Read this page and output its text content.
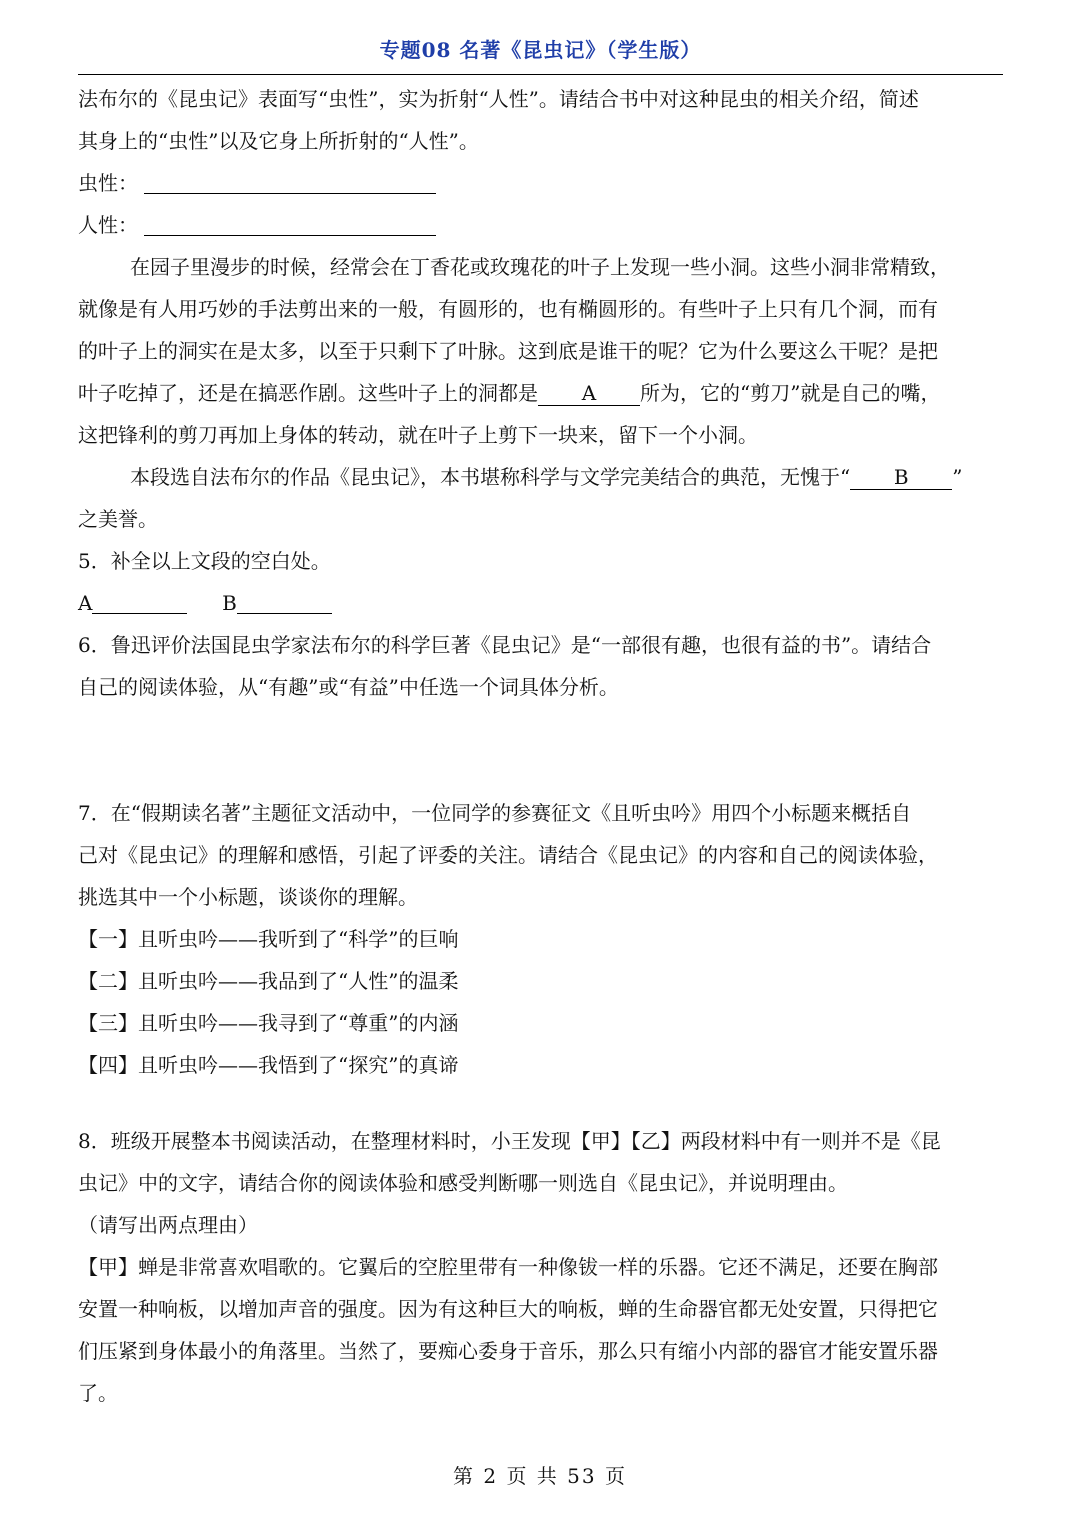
专题08 名著《昆虫记》（学生版）
法布尔的《昆虫记》表面写“虫性”，实为折射“人性”。请结合书中对这种昆虫的相关介绍，简述
其身上的“虫性”以及它身上所折射的“人性”。
虫性：
人性：
在园子里漫步的时候，经常会在丁香花或玫瑰花的叶子上发现一些小洞。这些小洞非常精致，
就像是有人用巧妙的手法剪出来的一般，有圆形的，也有椭圆形的。有些叶子上只有几个洞，而有
的叶子上的洞实在是太多，以至于只剩下了叶脉。这到底是谁干的呢？它为什么要这么干呢？是把
叶子吃掉了，还是在搞恶作剧。这些叶子上的洞都是 A 所为，它的“剪刀”就是自己的嘴，
这把锋利的剪刀再加上身体的转动，就在叶子上剪下一块来，留下一个小洞。
本段选自法布尔的作品《昆虫记》，本书堪称科学与文学完美结合的典范，无愧于“ B ”
之美誉。
5．补全以上文段的空白处。
A	B
6．鲁迅评价法国昆虫学家法布尔的科学巨著《昆虫记》是“一部很有趣，也很有益的书”。请结合
自己的阅读体验，从“有趣”或“有益”中任选一个词具体分析。
7．在“假期读名著”主题征文活动中，一位同学的参赛征文《且听虫吟》用四个小标题来概括自
己对《昆虫记》的理解和感悟，引起了评委的关注。请结合《昆虫记》的内容和自己的阅读体验，
挑选其中一个小标题，谈谈你的理解。
【一】且听虫吟——我听到了“科学”的巨响
【二】且听虫吟——我品到了“人性”的温柔
【三】且听虫吟——我寻到了“尊重”的内涵
【四】且听虫吟——我悟到了“探究”的真谛
8．班级开展整本书阅读活动，在整理材料时，小王发现【甲】【乙】两段材料中有一则并不是《昆
虫记》中的文字，请结合你的阅读体验和感受判断哪一则选自《昆虫记》，并说明理由。
（请写出两点理由）
【甲】蝉是非常喜欢唱歌的。它翼后的空腔里带有一种像钹一样的乐器。它还不满足，还要在胸部
安置一种响板，以增加声音的强度。因为有这种巨大的响板，蝉的生命器官都无处安置，只得把它
们压紧到身体最小的角落里。当然了，要痴心委身于音乐，那么只有缩小内部的器官才能安置乐器
了。
第 2 页 共 53 页
